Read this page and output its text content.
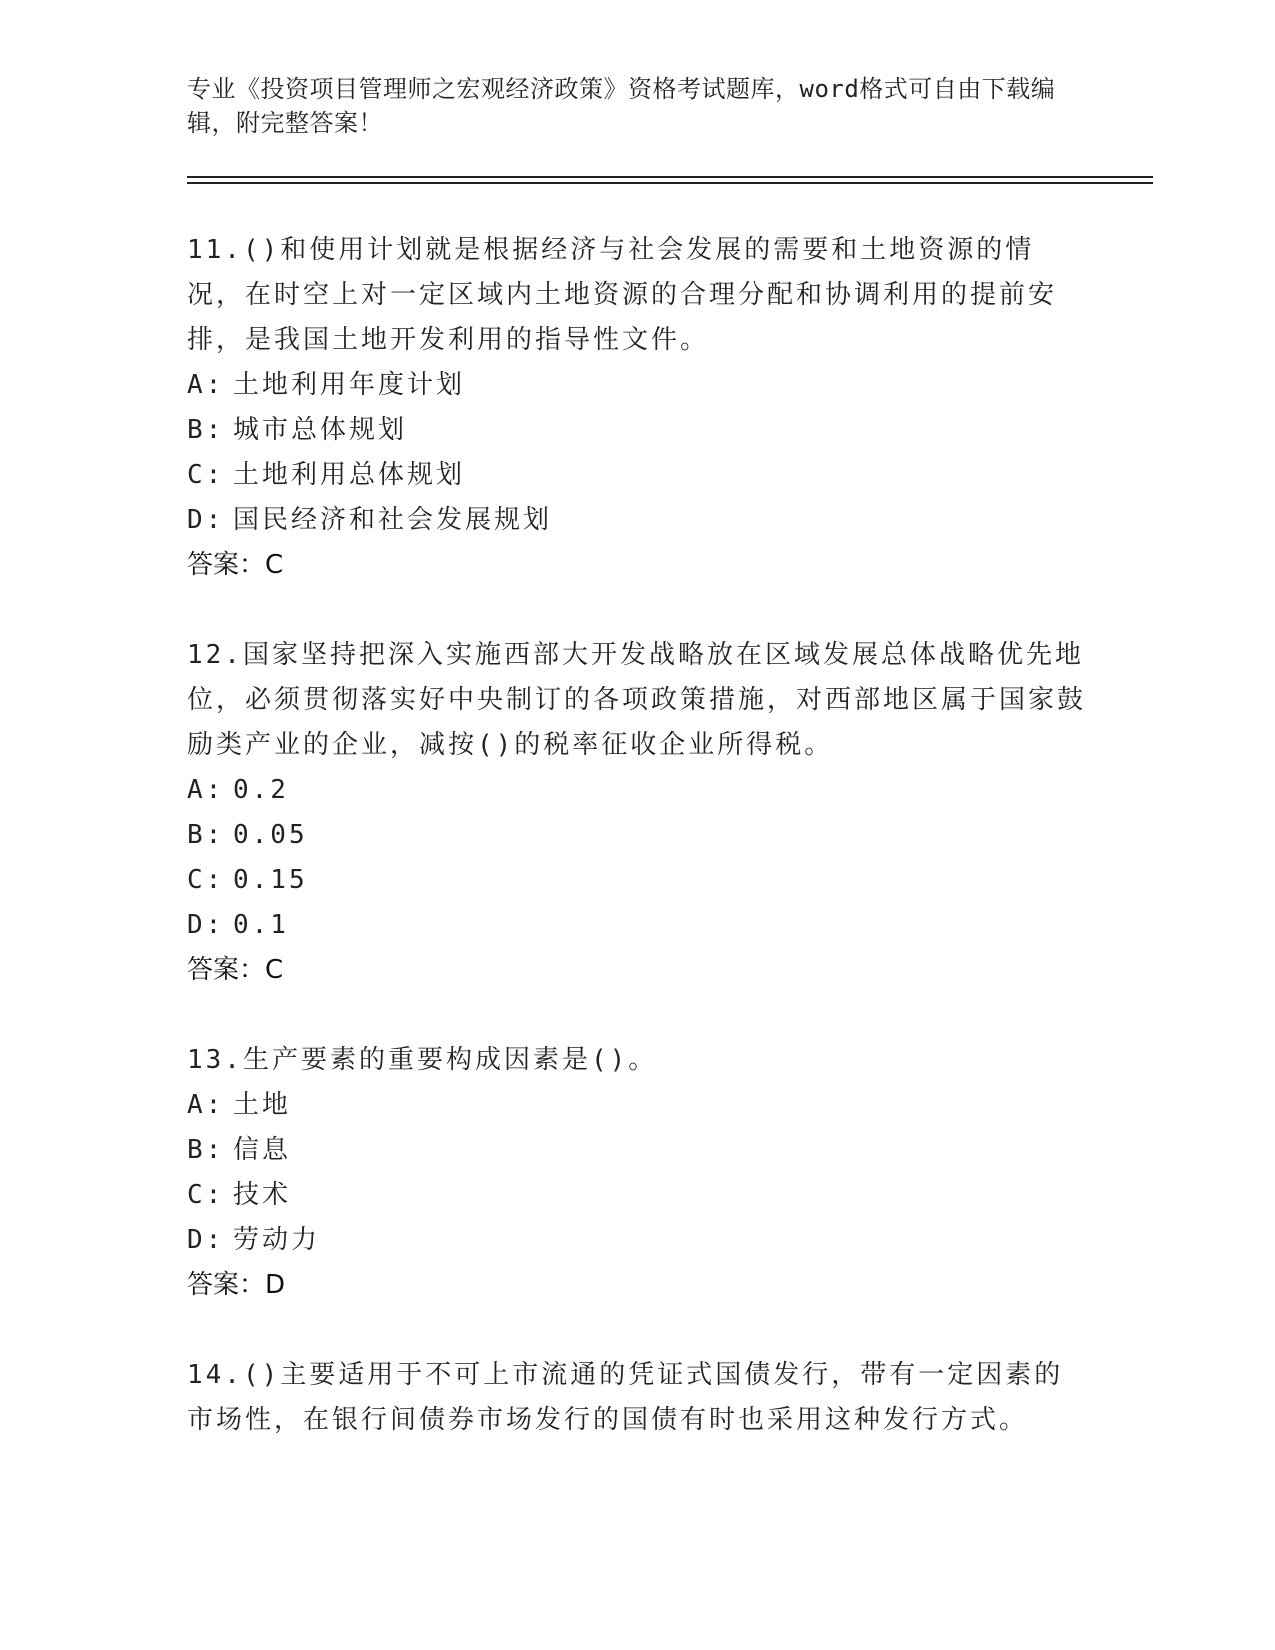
专业《投资项目管理师之宏观经济政策》资格考试题库，word格式可自由下载编辑，附完整答案！
11.()和使用计划就是根据经济与社会发展的需要和土地资源的情况，在时空上对一定区域内土地资源的合理分配和协调利用的提前安排，是我国土地开发利用的指导性文件。
A: 土地利用年度计划
B: 城市总体规划
C: 土地利用总体规划
D: 国民经济和社会发展规划
答案：C
12.国家坚持把深入实施西部大开发战略放在区域发展总体战略优先地位，必须贯彻落实好中央制订的各项政策措施，对西部地区属于国家鼓励类产业的企业，减按()的税率征收企业所得税。
A: 0.2
B: 0.05
C: 0.15
D: 0.1
答案：C
13.生产要素的重要构成因素是()。
A: 土地
B: 信息
C: 技术
D: 劳动力
答案：D
14.()主要适用于不可上市流通的凭证式国债发行，带有一定因素的市场性，在银行间债券市场发行的国债有时也采用这种发行方式。
